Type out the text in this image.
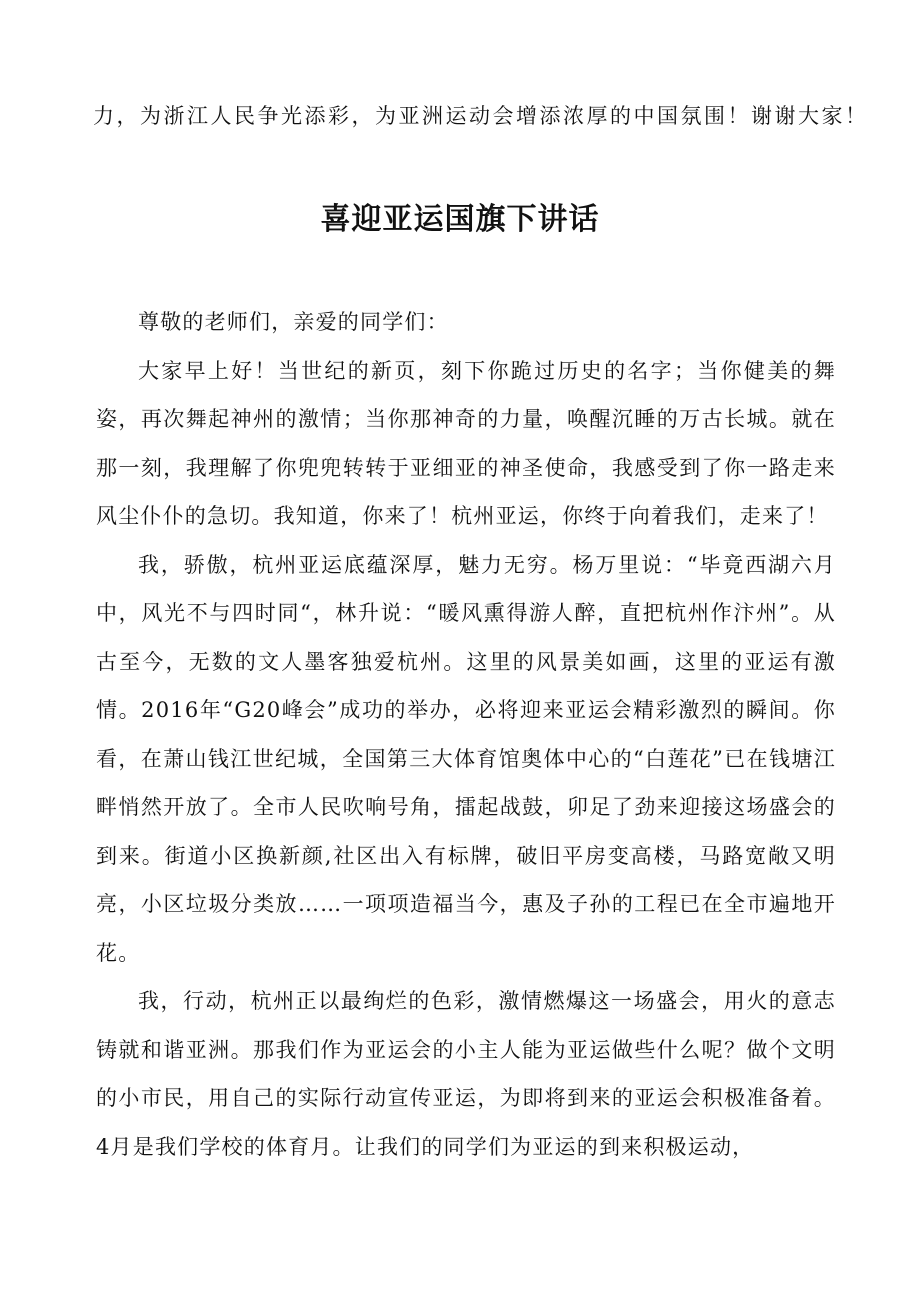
力，为浙江人民争光添彩，为亚洲运动会增添浓厚的中国氛围！谢谢大家！
喜迎亚运国旗下讲话

尊敬的老师们，亲爱的同学们：

大家早上好！当世纪的新页，刻下你跪过历史的名字；当你健美的舞姿，再次舞起神州的激情；当你那神奇的力量，唤醒沉睡的万古长城。就在那一刻，我理解了你兜兜转转于亚细亚的神圣使命，我感受到了你一路走来风尘仆仆的急切。我知道，你来了！杭州亚运，你终于向着我们，走来了！

我，骄傲，杭州亚运底蕴深厚，魅力无穷。杨万里说：“毕竟西湖六月中，风光不与四时同“，林升说：“暖风熏得游人醉，直把杭州作汴州”。从古至今，无数的文人墨客独爱杭州。这里的风景美如画，这里的亚运有激情。2016年“G20峰会”成功的举办，必将迎来亚运会精彩激烈的瞬间。你看，在萧山钱江世纪城，全国第三大体育馆奥体中心的“白莲花”已在钱塘江畔悄然开放了。全市人民吹响号角，擂起战鼓，卯足了劲来迎接这场盛会的到来。街道小区换新颜,社区出入有标牌，破旧平房变高楼，马路宽敞又明亮，小区垃圾分类放……一项项造福当今，惠及子孙的工程已在全市遍地开花。

我，行动，杭州正以最绚烂的色彩，激情燃爆这一场盛会，用火的意志铸就和谐亚洲。那我们作为亚运会的小主人能为亚运做些什么呢？做个文明的小市民，用自己的实际行动宣传亚运，为即将到来的亚运会积极准备着。4月是我们学校的体育月。让我们的同学们为亚运的到来积极运动，
